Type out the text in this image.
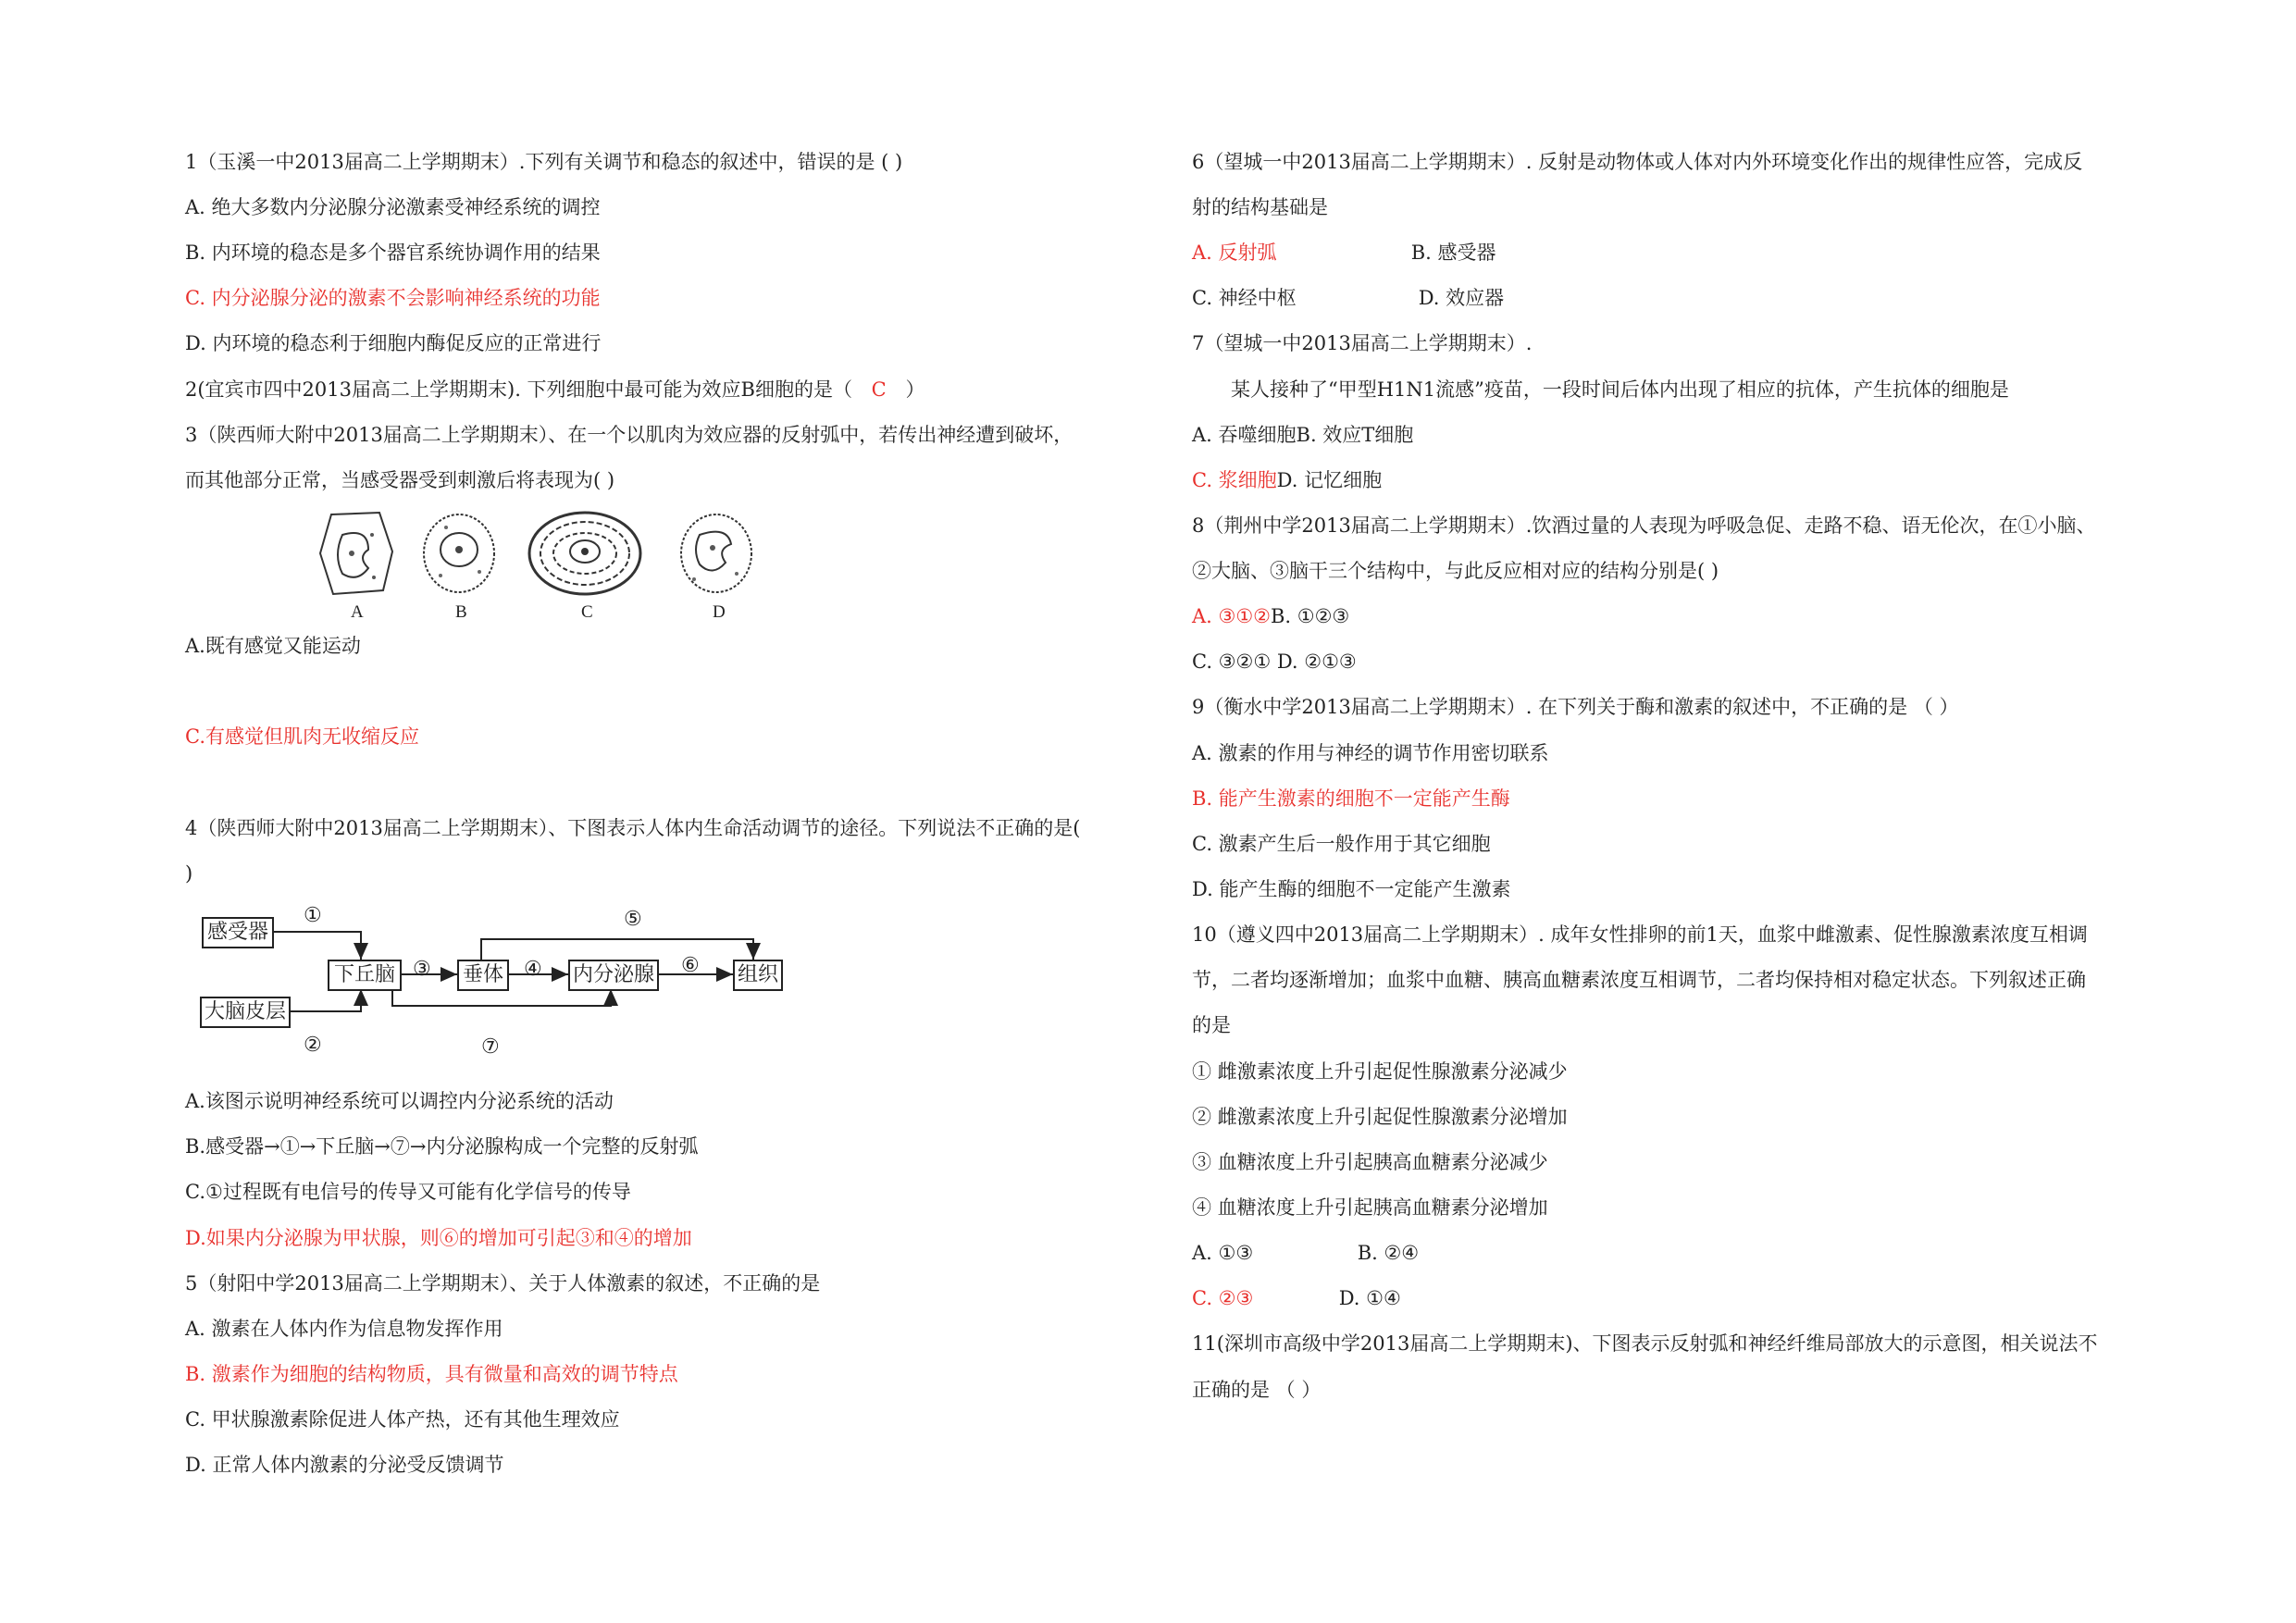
1（玉溪一中2013届高二上学期期末）.下列有关调节和稳态的叙述中，错误的是 ( )
A. 绝大多数内分泌腺分泌激素受神经系统的调控
B. 内环境的稳态是多个器官系统协调作用的结果
C. 内分泌腺分泌的激素不会影响神经系统的功能
D. 内环境的稳态利于细胞内酶促反应的正常进行
2(宜宾市四中2013届高二上学期期末). 下列细胞中最可能为效应B细胞的是（ C ）
3（陕西师大附中2013届高二上学期期末）、在一个以肌肉为效应器的反射弧中，若传出神经遭到破坏，
而其他部分正常，当感受器受到刺激后将表现为( )
A	B	C	D
A.既有感觉又能运动
C.有感觉但肌肉无收缩反应
4（陕西师大附中2013届高二上学期期末）、下图表示人体内生命活动调节的途径。下列说法不正确的是(
)
感受器
大脑皮层
下丘脑	垂体	内分泌腺	组织
①
②
③	④
⑤
⑥
⑦
A.该图示说明神经系统可以调控内分泌系统的活动
B.感受器→①→下丘脑→⑦→内分泌腺构成一个完整的反射弧
C.①过程既有电信号的传导又可能有化学信号的传导
D.如果内分泌腺为甲状腺，则⑥的增加可引起③和④的增加
5（射阳中学2013届高二上学期期末）、关于人体激素的叙述，不正确的是
A. 激素在人体内作为信息物发挥作用
B. 激素作为细胞的结构物质，具有微量和高效的调节特点
C. 甲状腺激素除促进人体产热，还有其他生理效应
D. 正常人体内激素的分泌受反馈调节
6（望城一中2013届高二上学期期末）. 反射是动物体或人体对内外环境变化作出的规律性应答，完成反
射的结构基础是
A. 反射弧	B. 感受器
C. 神经中枢	D. 效应器
7（望城一中2013届高二上学期期末）.
某人接种了“甲型H1N1流感”疫苗，一段时间后体内出现了相应的抗体，产生抗体的细胞是
A. 吞噬细胞B. 效应T细胞
C. 浆细胞D. 记忆细胞
8（荆州中学2013届高二上学期期末）.饮酒过量的人表现为呼吸急促、走路不稳、语无伦次，在①小脑、
②大脑、③脑干三个结构中，与此反应相对应的结构分别是( )
A. ③①②B. ①②③
C. ③②① D. ②①③
9（衡水中学2013届高二上学期期末）. 在下列关于酶和激素的叙述中，不正确的是 （ ）
A. 激素的作用与神经的调节作用密切联系
B. 能产生激素的细胞不一定能产生酶
C. 激素产生后一般作用于其它细胞
D. 能产生酶的细胞不一定能产生激素
10（遵义四中2013届高二上学期期末）. 成年女性排卵的前1天，血浆中雌激素、促性腺激素浓度互相调
节，二者均逐渐增加；血浆中血糖、胰高血糖素浓度互相调节，二者均保持相对稳定状态。下列叙述正确
的是
① 雌激素浓度上升引起促性腺激素分泌减少
② 雌激素浓度上升引起促性腺激素分泌增加
③ 血糖浓度上升引起胰高血糖素分泌减少
④ 血糖浓度上升引起胰高血糖素分泌增加
A. ①③	B. ②④
C. ②③	D. ①④
11(深圳市高级中学2013届高二上学期期末)、下图表示反射弧和神经纤维局部放大的示意图，相关说法不
正确的是 （ ）
